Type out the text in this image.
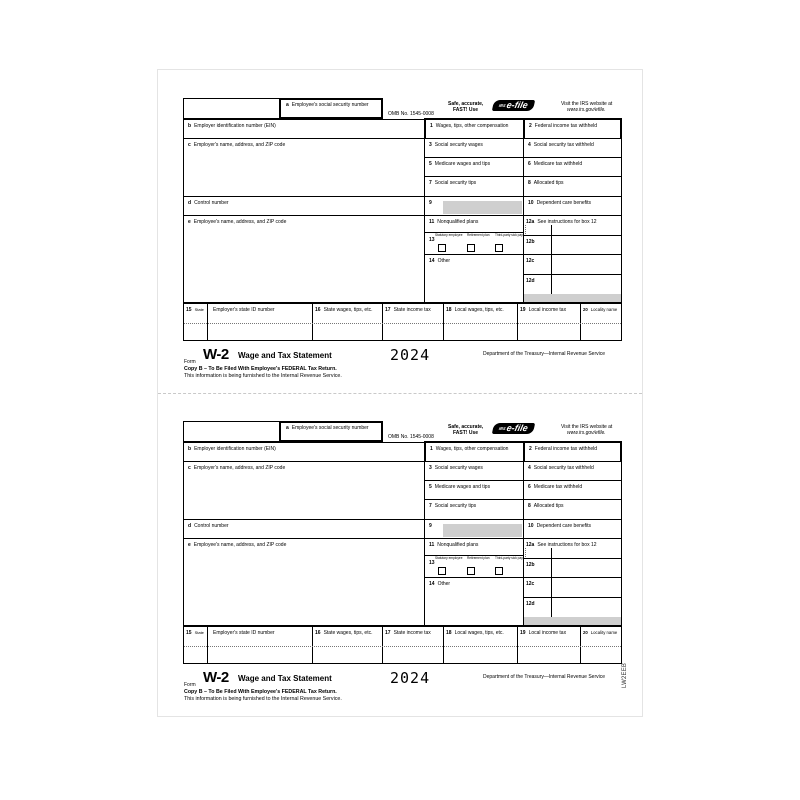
LW2EEB
a Employee's social security number
OMB No. 1545-0008
Safe, accurate,
FAST! Use
$^{IRS}$e-file	Visit the IRS website at
www.irs.gov/efile.
b Employer identification number (EIN)
c Employer's name, address, and ZIP code
d Control number
e Employee's name, address, and ZIP code
1 Wages, tips, other compensation
3 Social security wages
5 Medicare wages and tips
7 Social security tips
9
11 Nonqualified plans
13
Statutory employee Retirement plan Third-party sick pay
14 Other
2 Federal income tax withheld
4 Social security tax withheld
6 Medicare tax withheld
8 Allocated tips
10 Dependent care benefits
12a See instructions for box 12
12b
12c
12d
15 State Employer's state ID number	16 State wages, tips, etc.	17 State income tax	18 Local wages, tips, etc.	19 Local income tax	20 Locality name
Form W-2 Wage and Tax Statement	2024	Department of the Treasury—Internal Revenue Service
Copy B – To Be Filed With Employee's FEDERAL Tax Return.
This information is being furnished to the Internal Revenue Service.
a Employee's social security number
OMB No. 1545-0008
Safe, accurate,
FAST! Use
$^{IRS}$e-file	Visit the IRS website at
www.irs.gov/efile.
b Employer identification number (EIN)
c Employer's name, address, and ZIP code
d Control number
e Employee's name, address, and ZIP code
1 Wages, tips, other compensation
3 Social security wages
5 Medicare wages and tips
7 Social security tips
9
11 Nonqualified plans
13
Statutory employee Retirement plan Third-party sick pay
14 Other
2 Federal income tax withheld
4 Social security tax withheld
6 Medicare tax withheld
8 Allocated tips
10 Dependent care benefits
12a See instructions for box 12
12b
12c
12d
15 State Employer's state ID number	16 State wages, tips, etc.	17 State income tax	18 Local wages, tips, etc.	19 Local income tax	20 Locality name
Form W-2 Wage and Tax Statement	2024	Department of the Treasury—Internal Revenue Service
Copy B – To Be Filed With Employee's FEDERAL Tax Return.
This information is being furnished to the Internal Revenue Service.
